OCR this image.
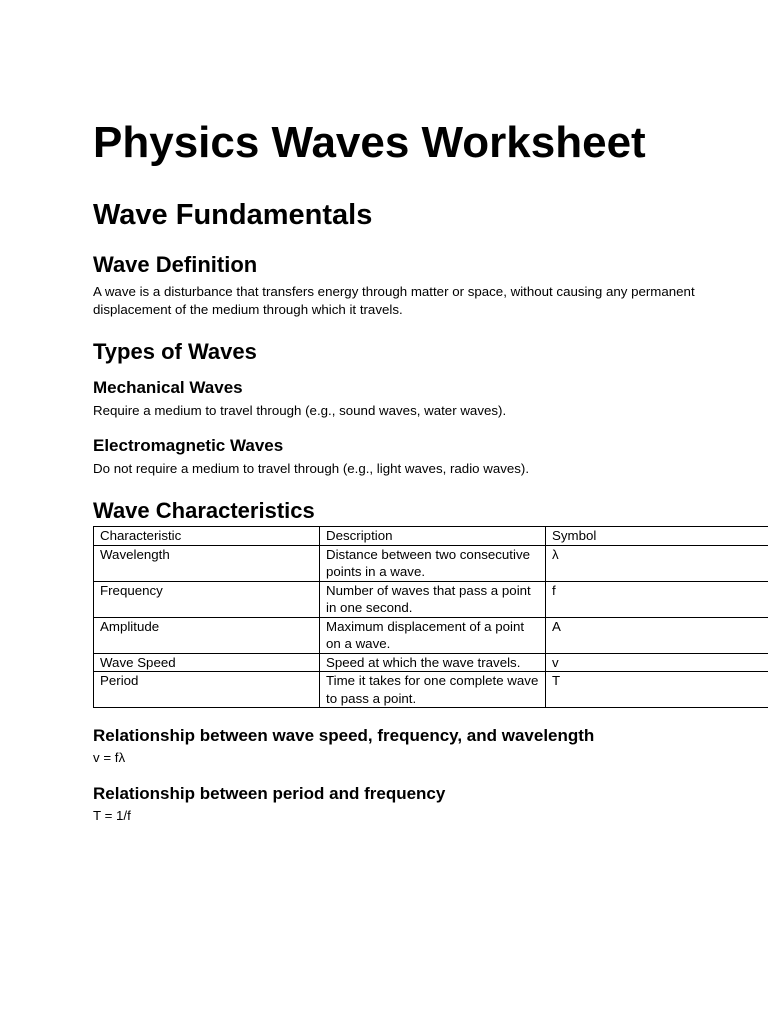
Physics Waves Worksheet
Wave Fundamentals
Wave Definition

A wave is a disturbance that transfers energy through matter or space, without causing any permanent displacement of the medium through which it travels.

Types of Waves
Mechanical Waves

Require a medium to travel through (e.g., sound waves, water waves).

Electromagnetic Waves

Do not require a medium to travel through (e.g., light waves, radio waves).

Wave Characteristics
Characteristic	Description	Symbol
Wavelength	Distance between two consecutive points in a wave.	λ
Frequency	Number of waves that pass a point in one second.	f
Amplitude	Maximum displacement of a point on a wave.	A
Wave Speed	Speed at which the wave travels.	v
Period	Time it takes for one complete wave to pass a point.	T
Relationship between wave speed, frequency, and wavelength

v = fλ

Relationship between period and frequency

T = 1/f
